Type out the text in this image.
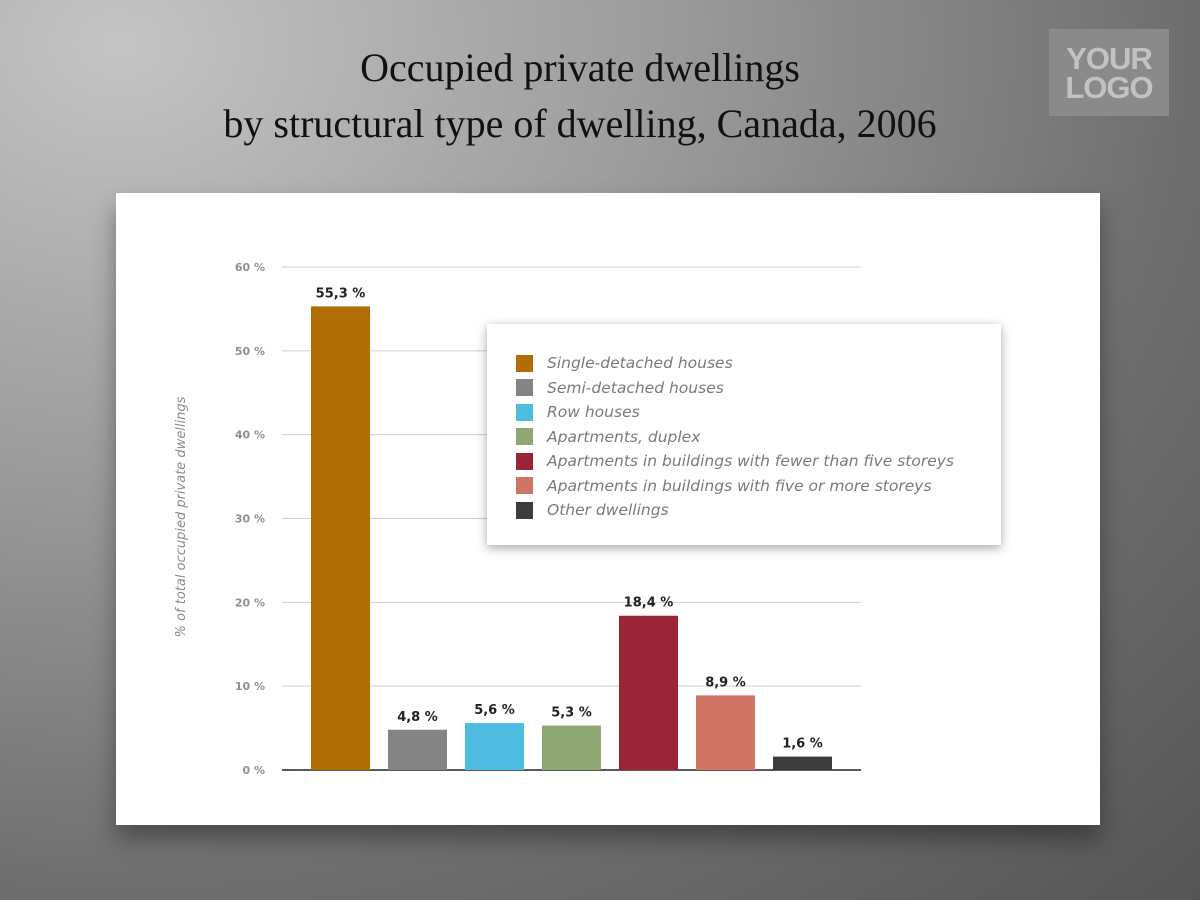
Occupied private dwellings
by structural type of dwelling, Canada, 2006
YOUR
LOGO
0 %
10 %
20 %
30 %
40 %
50 %
60 %
55,3 %
4,8 %	5,6 %	5,3 %
18,4 %
8,9 %
1,6 %
% of total occupied private dwellings
Single-detached houses
Semi-detached houses
Row houses
Apartments, duplex
Apartments in buildings with fewer than five storeys
Apartments in buildings with five or more storeys
Other dwellings
